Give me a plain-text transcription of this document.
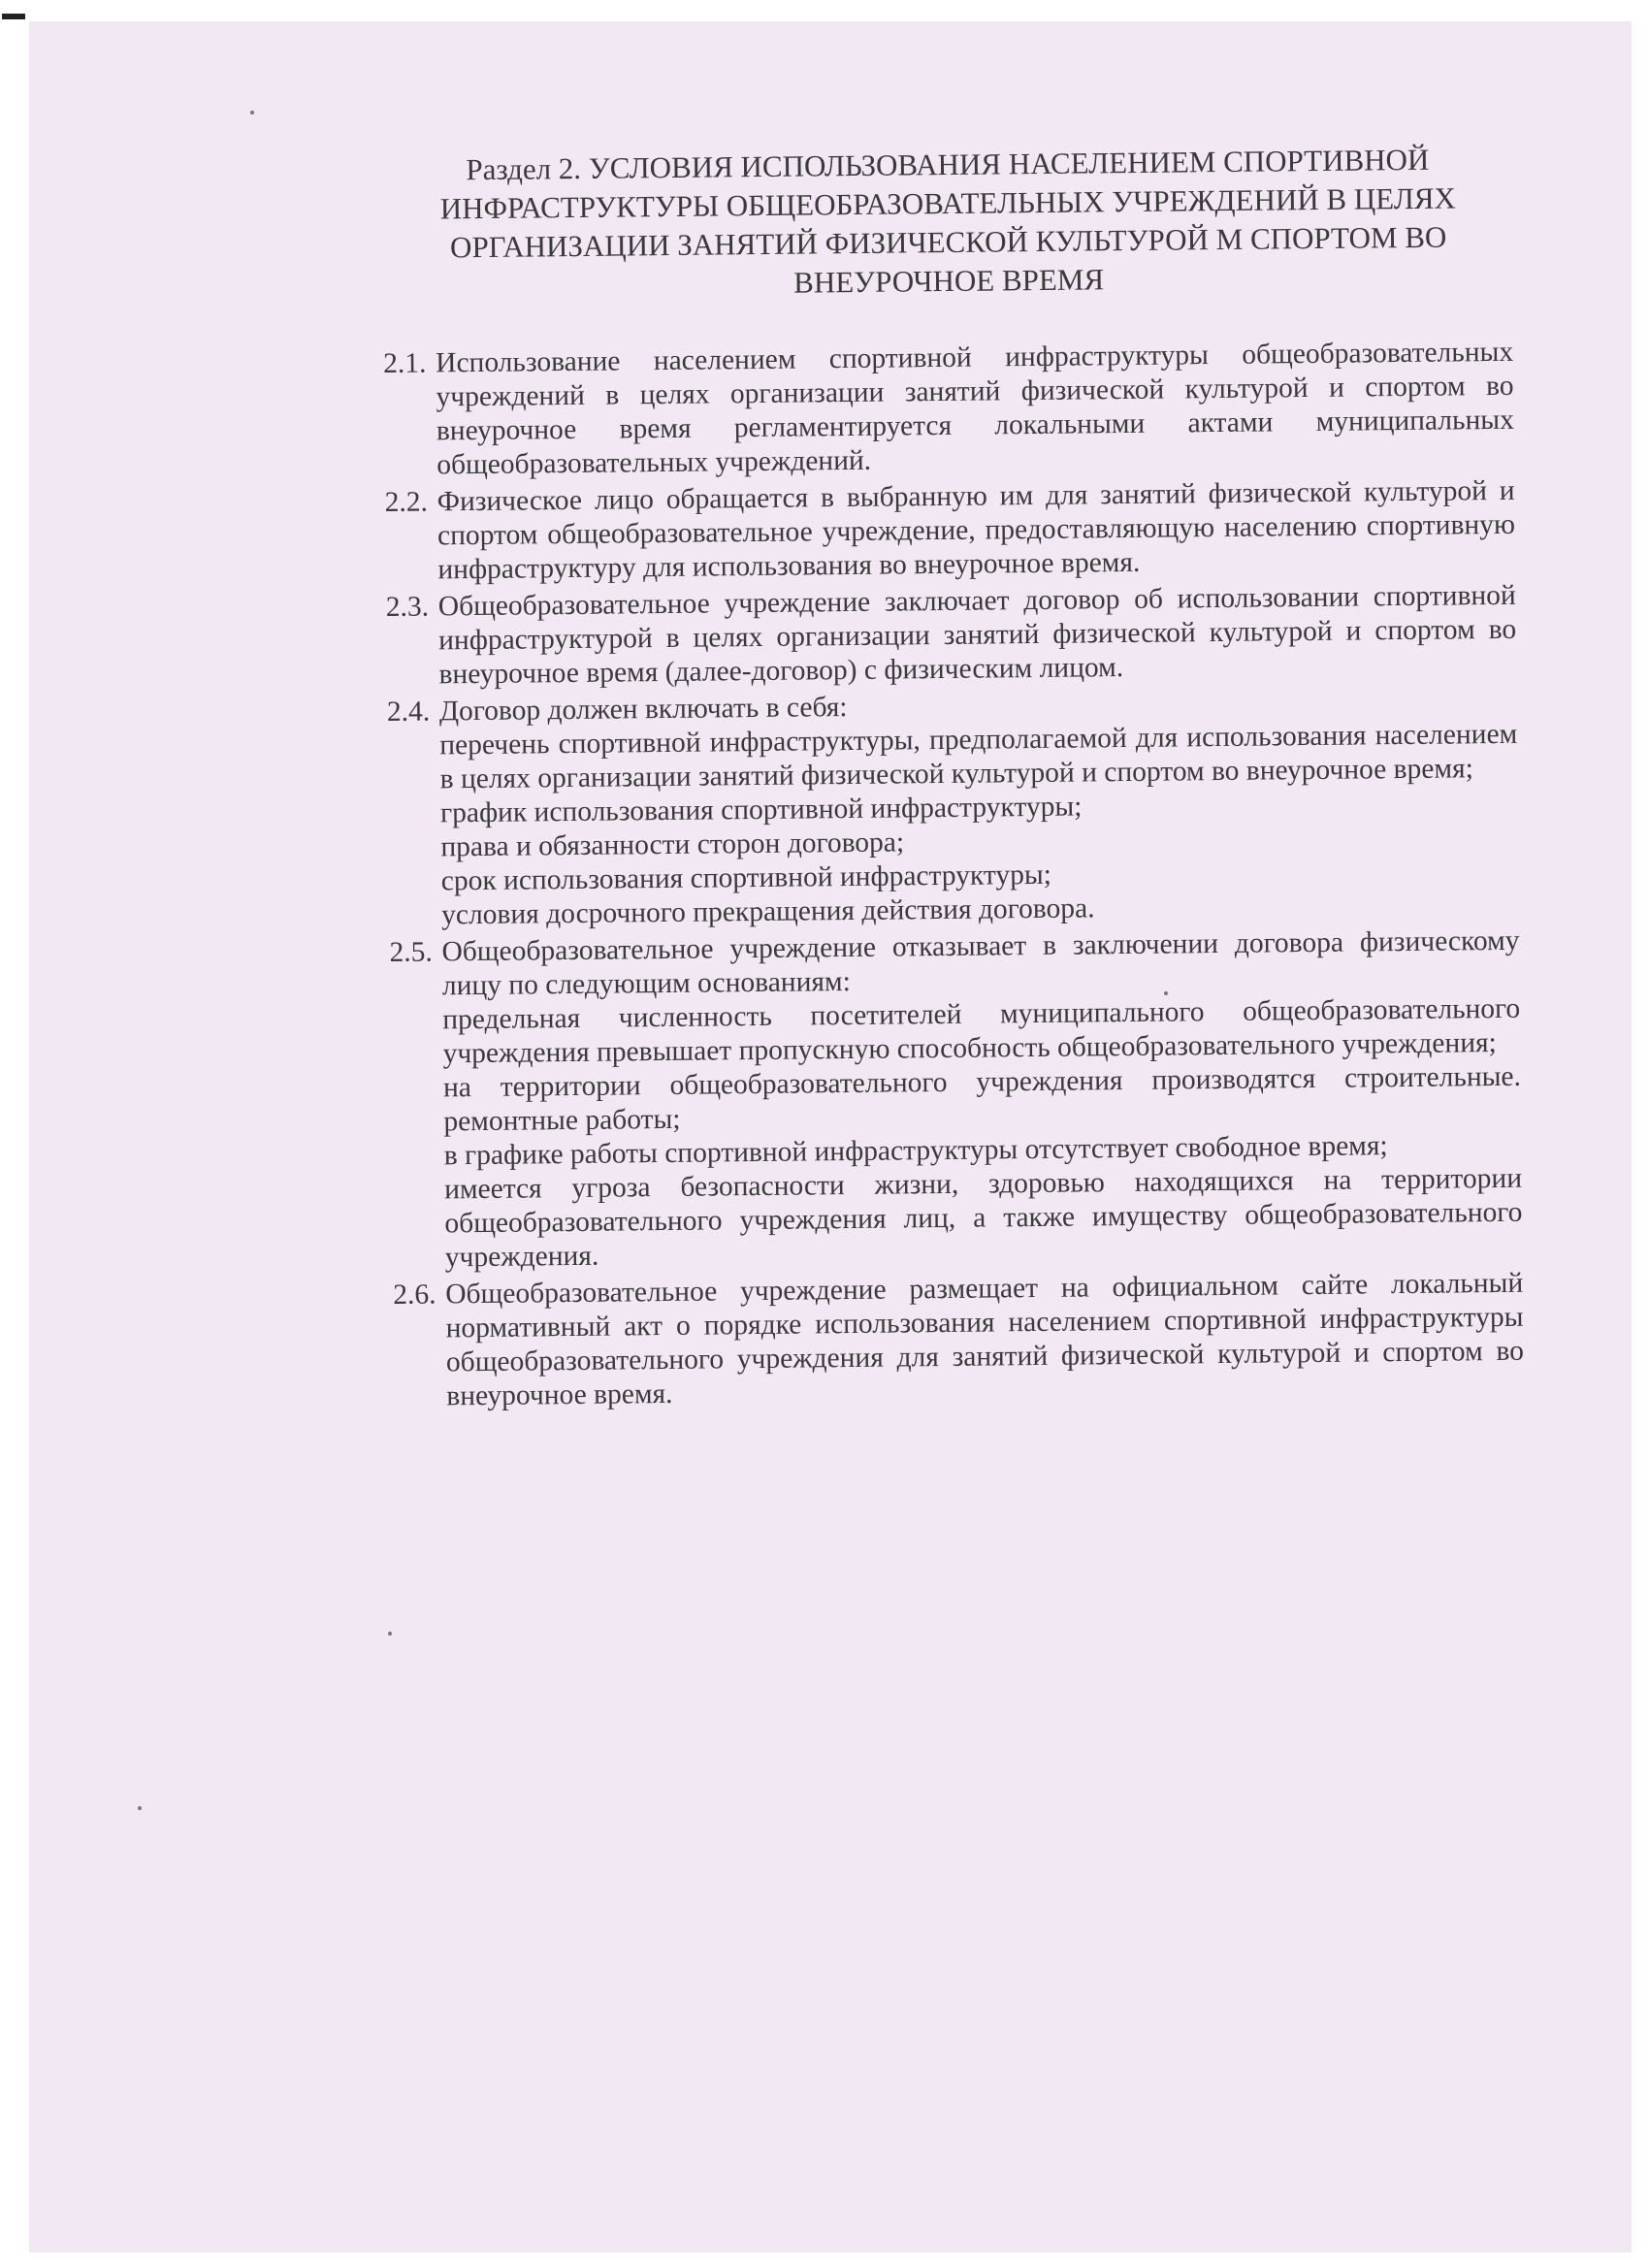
Раздел 2. УСЛОВИЯ ИСПОЛЬЗОВАНИЯ НАСЕЛЕНИЕМ СПОРТИВНОЙ ИНФРАСТРУКТУРЫ ОБЩЕОБРАЗОВАТЕЛЬНЫХ УЧРЕЖДЕНИЙ В ЦЕЛЯХ ОРГАНИЗАЦИИ ЗАНЯТИЙ ФИЗИЧЕСКОЙ КУЛЬТУРОЙ М СПОРТОМ ВО ВНЕУРОЧНОЕ ВРЕМЯ
2.1. Использование населением спортивной инфраструктуры общеобразовательных учреждений в целях организации занятий физической культурой и спортом во внеурочное время регламентируется локальными актами муниципальных общеобразовательных учреждений.
2.2. Физическое лицо обращается в выбранную им для занятий физической культурой и спортом общеобразовательное учреждение, предоставляющую населению спортивную инфраструктуру для использования во внеурочное время.
2.3. Общеобразовательное учреждение заключает договор об использовании спортивной инфраструктурой в целях организации занятий физической культурой и спортом во внеурочное время (далее-договор) с физическим лицом.
2.4. Договор должен включать в себя:
перечень спортивной инфраструктуры, предполагаемой для использования населением в целях организации занятий физической культурой и спортом во внеурочное время;
график использования спортивной инфраструктуры;
права и обязанности сторон договора;
срок использования спортивной инфраструктуры;
условия досрочного прекращения действия договора.
2.5. Общеобразовательное учреждение отказывает в заключении договора физическому лицу по следующим основаниям:
предельная численность посетителей муниципального общеобразовательного учреждения превышает пропускную способность общеобразовательного учреждения;
на территории общеобразовательного учреждения производятся строительные. ремонтные работы;
в графике работы спортивной инфраструктуры отсутствует свободное время;
имеется угроза безопасности жизни, здоровью находящихся на территории общеобразовательного учреждения лиц, а также имуществу общеобразовательного учреждения.
2.6. Общеобразовательное учреждение размещает на официальном сайте локальный нормативный акт о порядке использования населением спортивной инфраструктуры общеобразовательного учреждения для занятий физической культурой и спортом во внеурочное время.
